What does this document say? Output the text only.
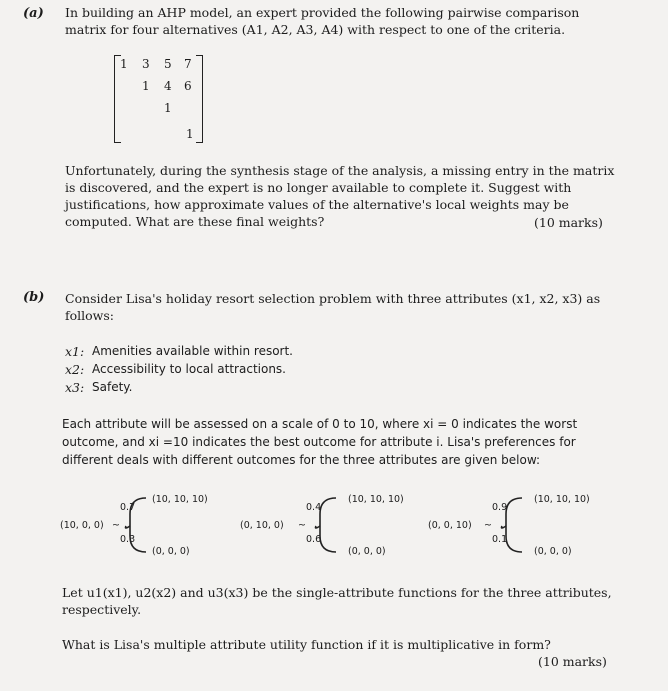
(a) In building an AHP model, an expert provided the following pairwise comparison
matrix for four alternatives (A1, A2, A3, A4) with respect to one of the criteria.
1 3 5 7
1 4 6
1
1
Unfortunately, during the synthesis stage of the analysis, a missing entry in the matrix
is discovered, and the expert is no longer available to complete it. Suggest with
justifications, how approximate values of the alternative's local weights may be
computed. What are these final weights?	(10 marks)
(b) Consider Lisa's holiday resort selection problem with three attributes (x1, x2, x3) as
follows:
x1: Amenities available within resort.
x2: Accessibility to local attractions.
x3: Safety.
Each attribute will be assessed on a scale of 0 to 10, where xi = 0 indicates the worst
outcome, and xi =10 indicates the best outcome for attribute i. Lisa's preferences for
different deals with different outcomes for the three attributes are given below:
(10, 0, 0) ~
0.7
0.3
(10, 10, 10)
(0, 0, 0)
(0, 10, 0) ~
0.4
0.6
(10, 10, 10)
(0, 0, 0)
(0, 0, 10) ~
0.9
0.1
(10, 10, 10)
(0, 0, 0)
Let u1(x1), u2(x2) and u3(x3) be the single-attribute functions for the three attributes,
respectively.
What is Lisa's multiple attribute utility function if it is multiplicative in form?
(10 marks)
